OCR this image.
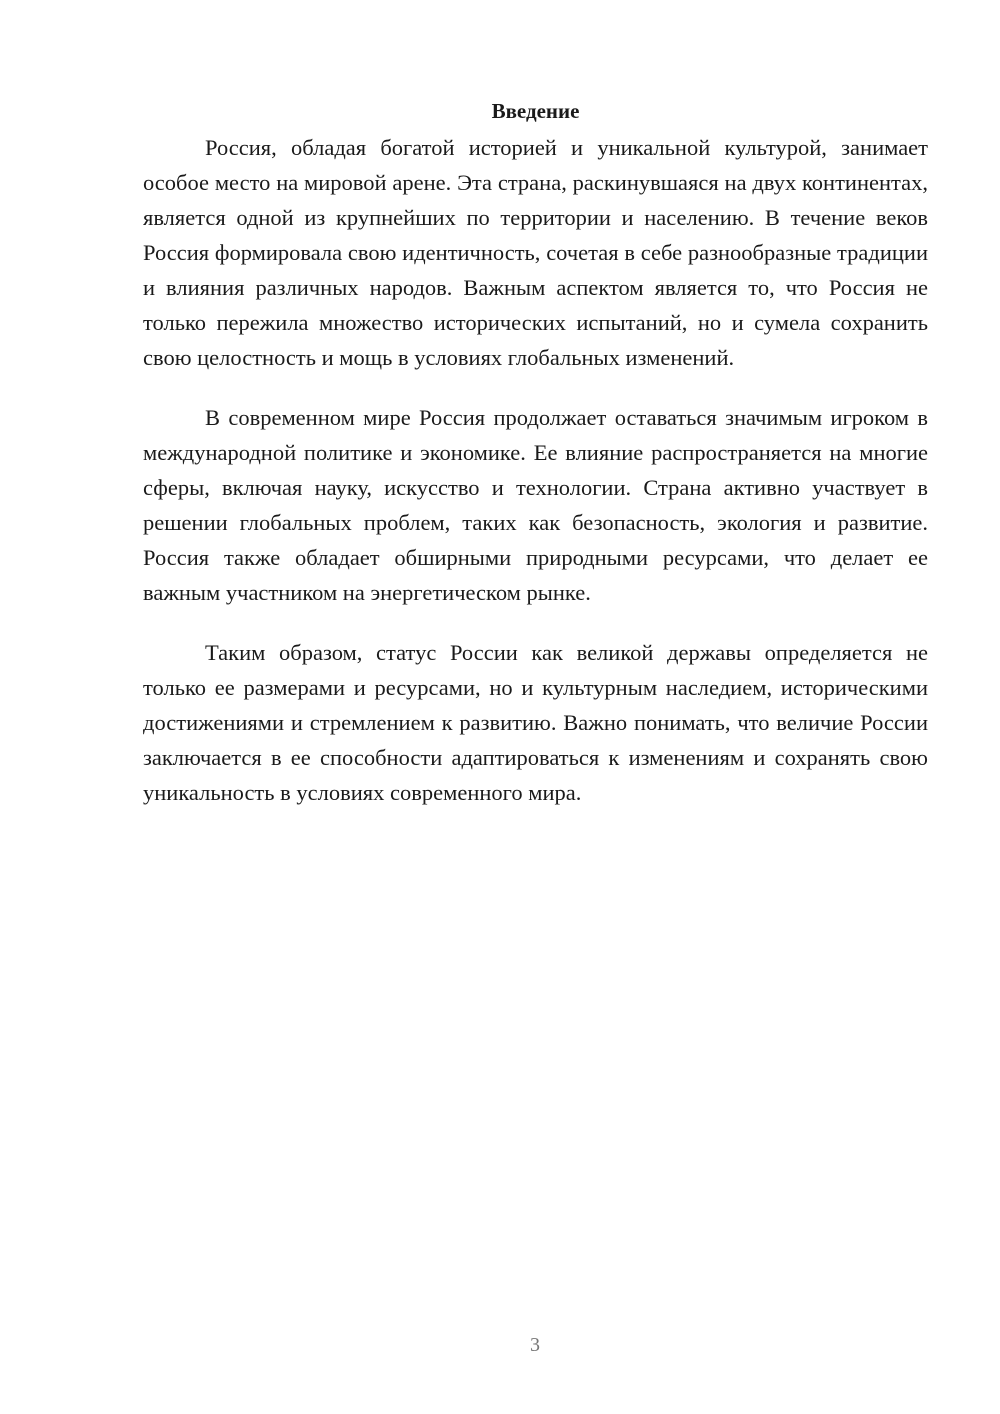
Введение

Россия, обладая богатой историей и уникальной культурой, занимает особое место на мировой арене. Эта страна, раскинувшаяся на двух континентах, является одной из крупнейших по территории и населению. В течение веков Россия формировала свою идентичность, сочетая в себе разнообразные традиции и влияния различных народов. Важным аспектом является то, что Россия не только пережила множество исторических испытаний, но и сумела сохранить свою целостность и мощь в условиях глобальных изменений.

В современном мире Россия продолжает оставаться значимым игроком в международной политике и экономике. Ее влияние распространяется на многие сферы, включая науку, искусство и технологии. Страна активно участвует в решении глобальных проблем, таких как безопасность, экология и развитие. Россия также обладает обширными природными ресурсами, что делает ее важным участником на энергетическом рынке.

Таким образом, статус России как великой державы определяется не только ее размерами и ресурсами, но и культурным наследием, историческими достижениями и стремлением к развитию. Важно понимать, что величие России заключается в ее способности адаптироваться к изменениям и сохранять свою уникальность в условиях современного мира.

3
